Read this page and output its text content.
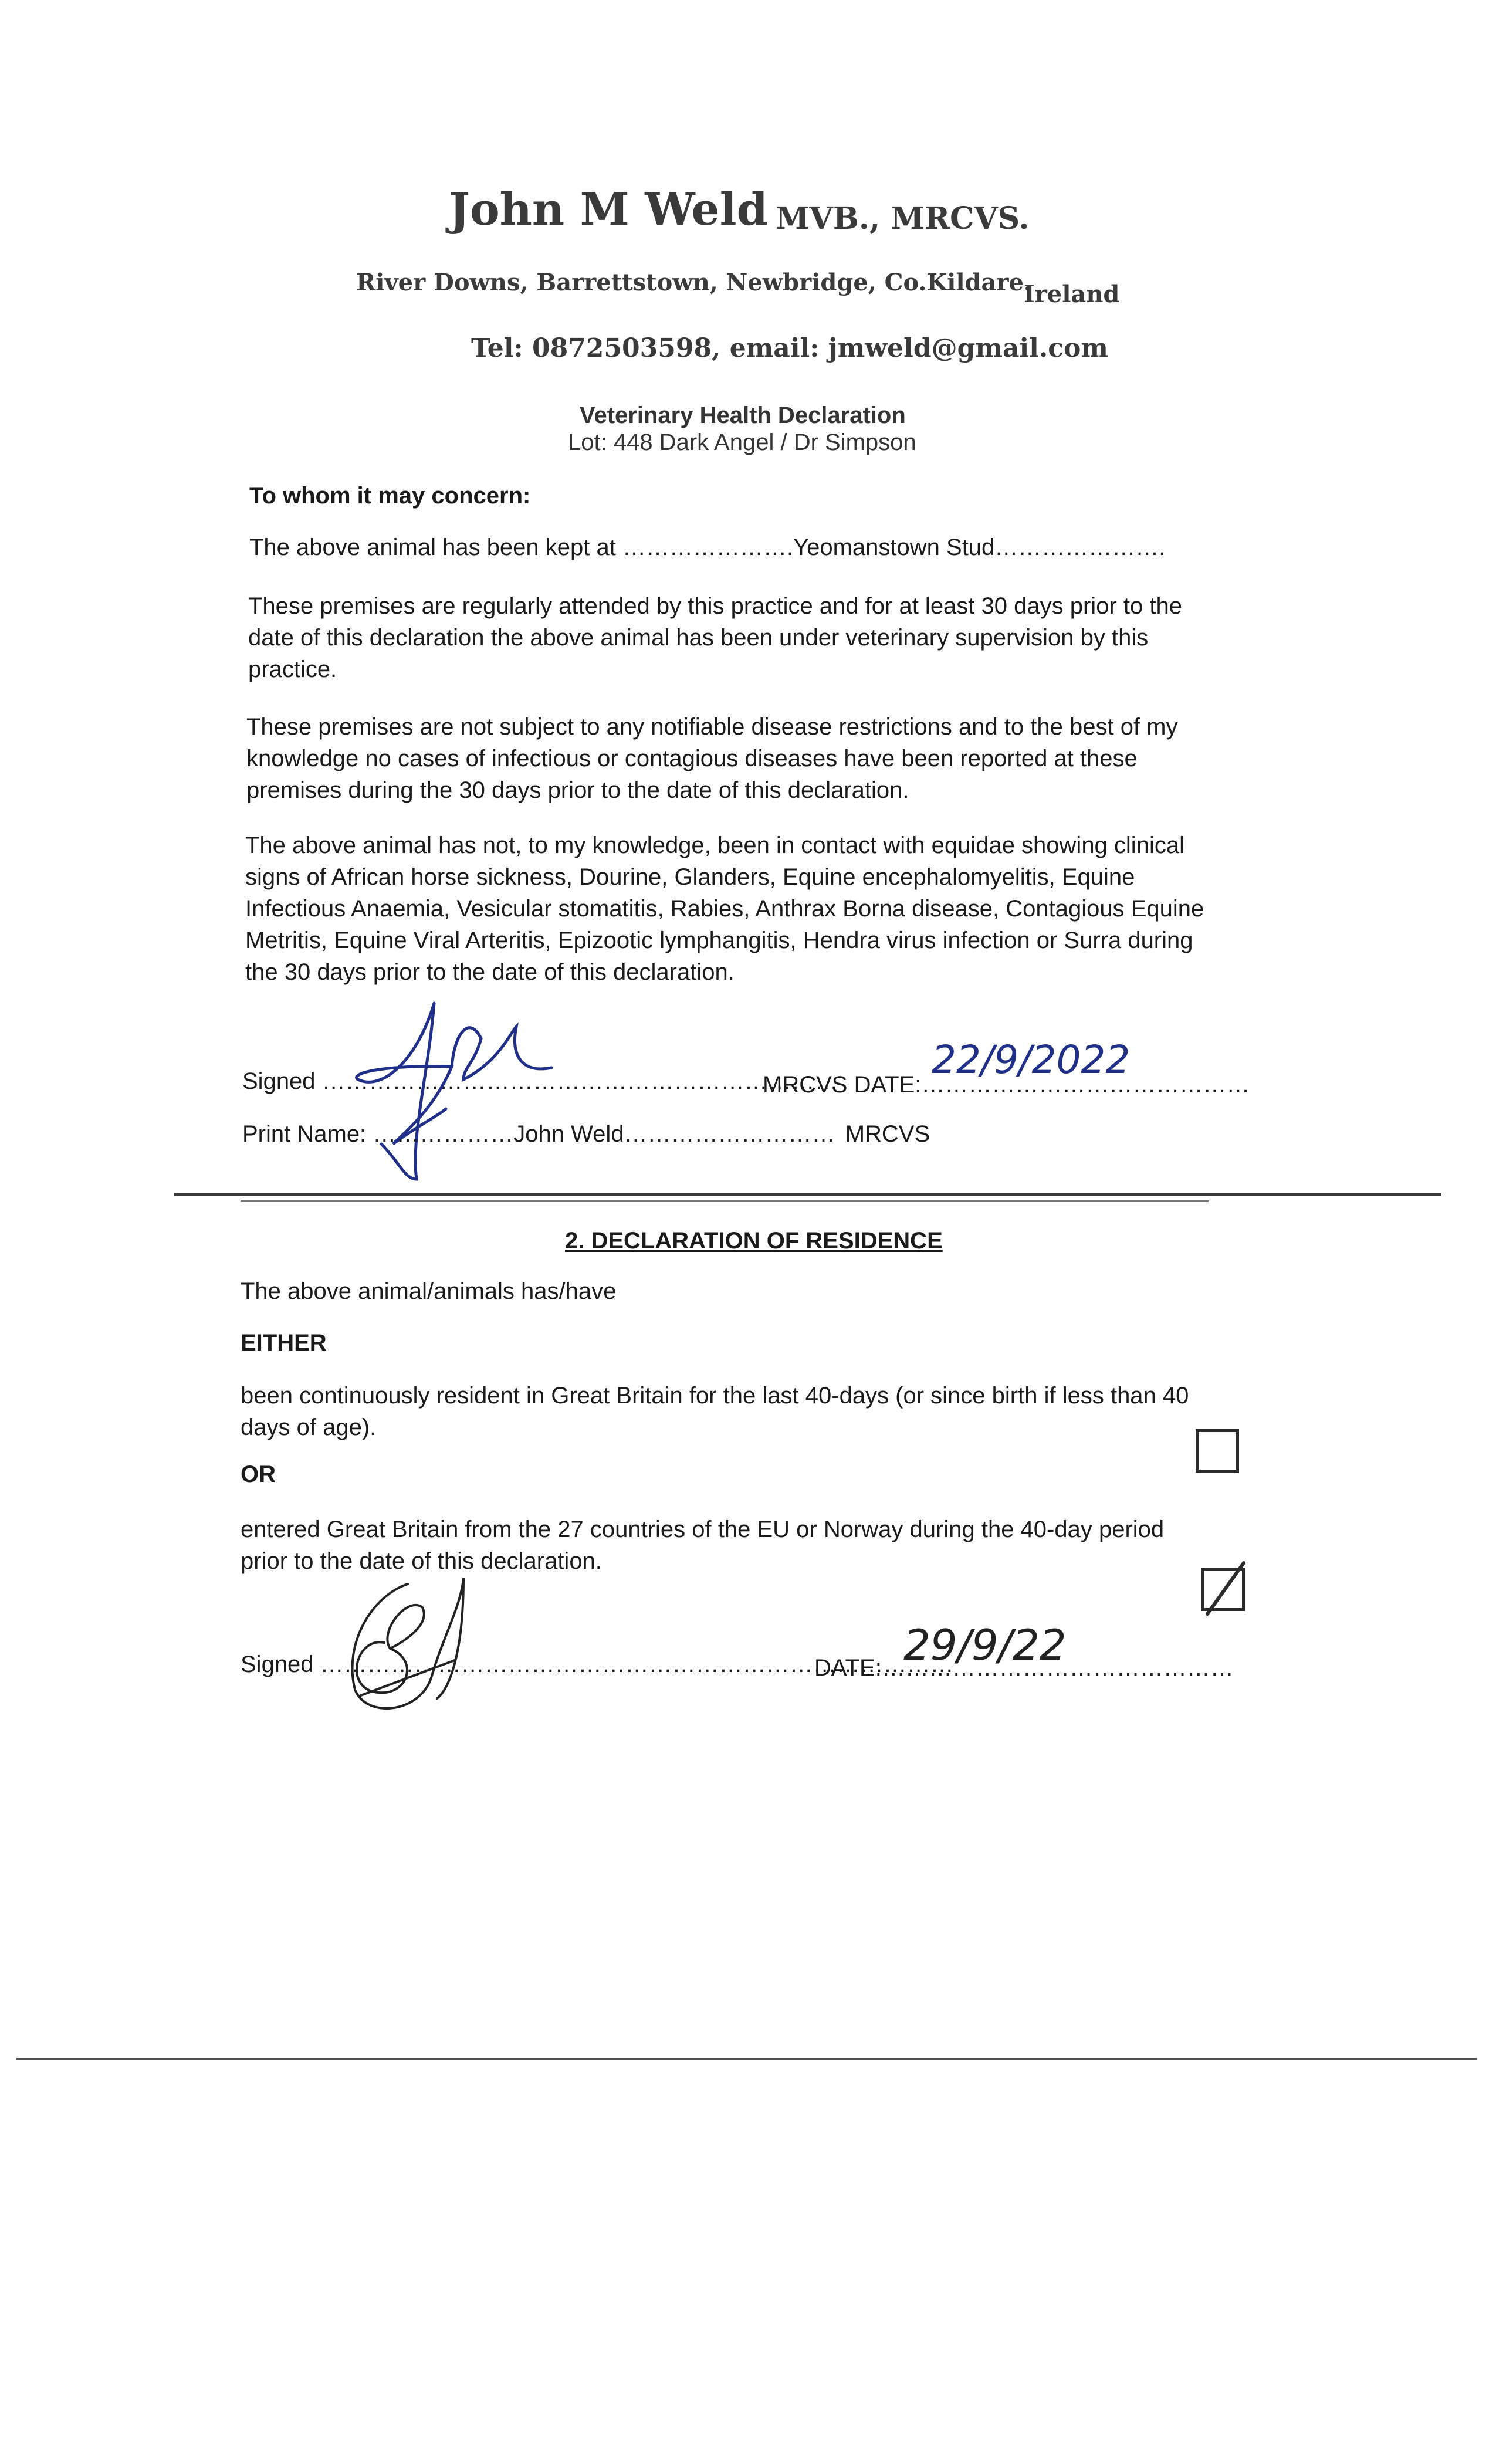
John M Weld MVB., MRCVS.
River Downs, Barrettstown, Newbridge, Co.Kildare.
Ireland
Tel: 0872503598, email: jmweld@gmail.com
Veterinary Health Declaration
Lot: 448 Dark Angel / Dr Simpson
To whom it may concern:
The above animal has been kept at ………………….Yeomanstown Stud………………….
These premises are regularly attended by this practice and for at least 30 days prior to the
date of this declaration the above animal has been under veterinary supervision by this
practice.
These premises are not subject to any notifiable disease restrictions and to the best of my
knowledge no cases of infectious or contagious diseases have been reported at these
premises during the 30 days prior to the date of this declaration.
The above animal has not, to my knowledge, been in contact with equidae showing clinical
signs of African horse sickness, Dourine, Glanders, Equine encephalomyelitis, Equine
Infectious Anaemia, Vesicular stomatitis, Rabies, Anthrax Borna disease, Contagious Equine
Metritis, Equine Viral Arteritis, Epizootic lymphangitis, Hendra virus infection or Surra during
the 30 days prior to the date of this declaration.
Signed …………………………………………………………
MRCVS DATE:……………………………………
22/9/2022
Print Name: ………………John Weld……………………… MRCVS
2. DECLARATION OF RESIDENCE
The above animal/animals has/have
EITHER
been continuously resident in Great Britain for the last 40-days (or since birth if less than 40
days of age).
OR
entered Great Britain from the 27 countries of the EU or Norway during the 40-day period
prior to the date of this declaration.
Signed ………………………………………………………………………
DATE:………………………………………
29/9/22
